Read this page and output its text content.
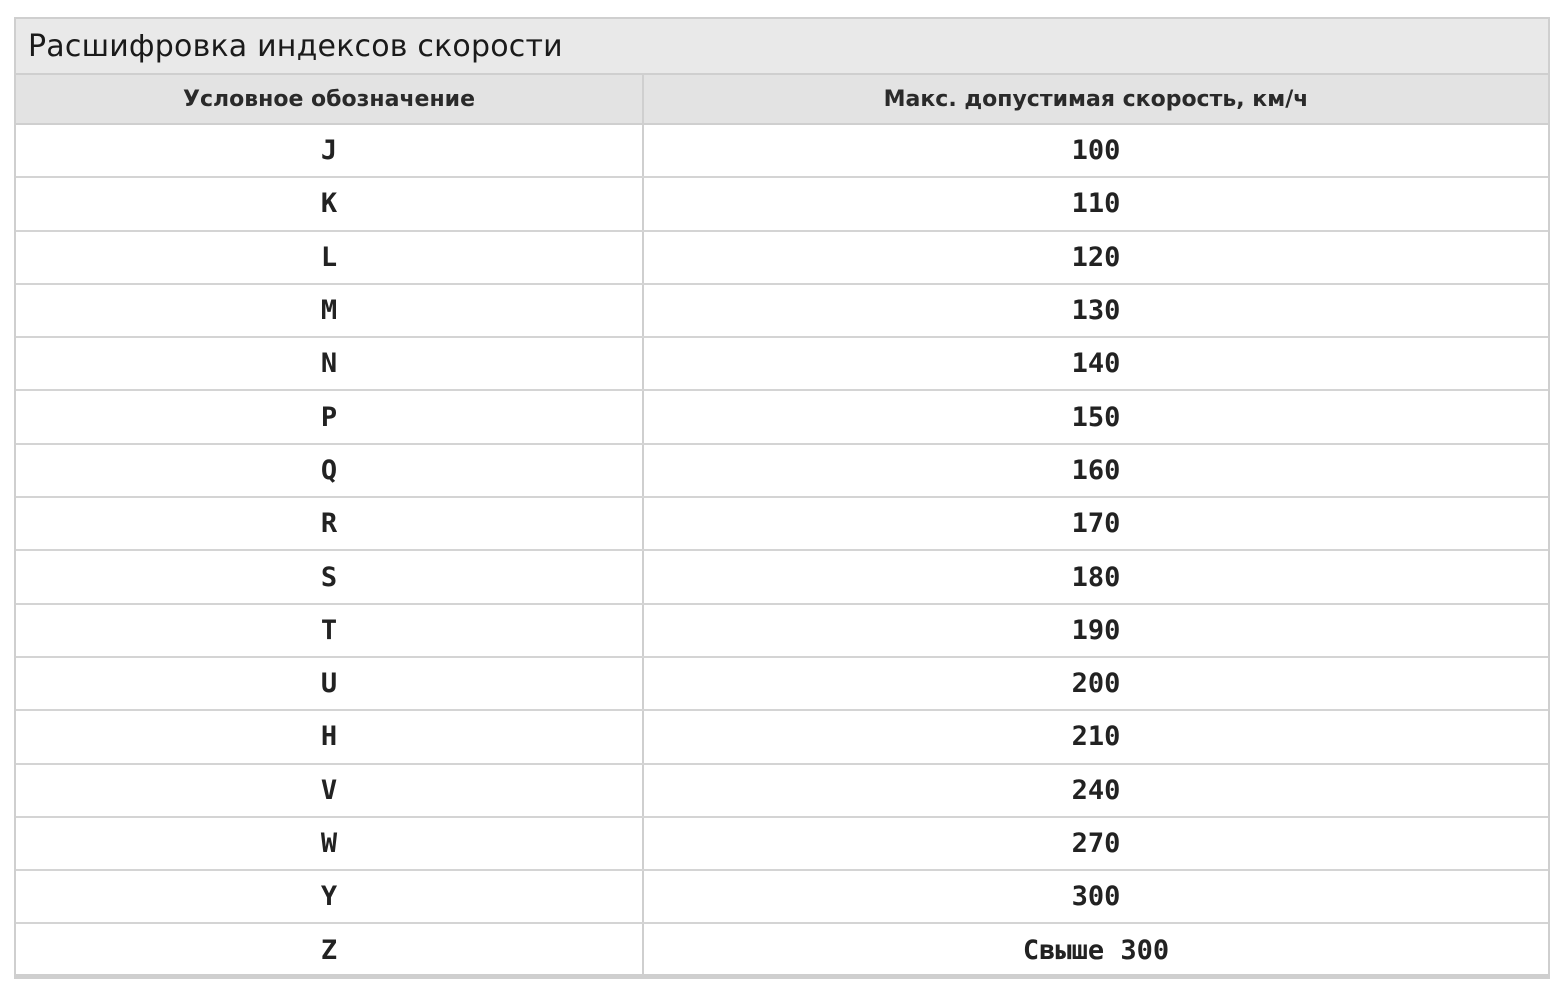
Расшифровка индексов скорости
Условное обозначение	Макс. допустимая скорость, км/ч
J	100
K	110
L	120
M	130
N	140
P	150
Q	160
R	170
S	180
T	190
U	200
H	210
V	240
W	270
Y	300
Z	Свыше 300
